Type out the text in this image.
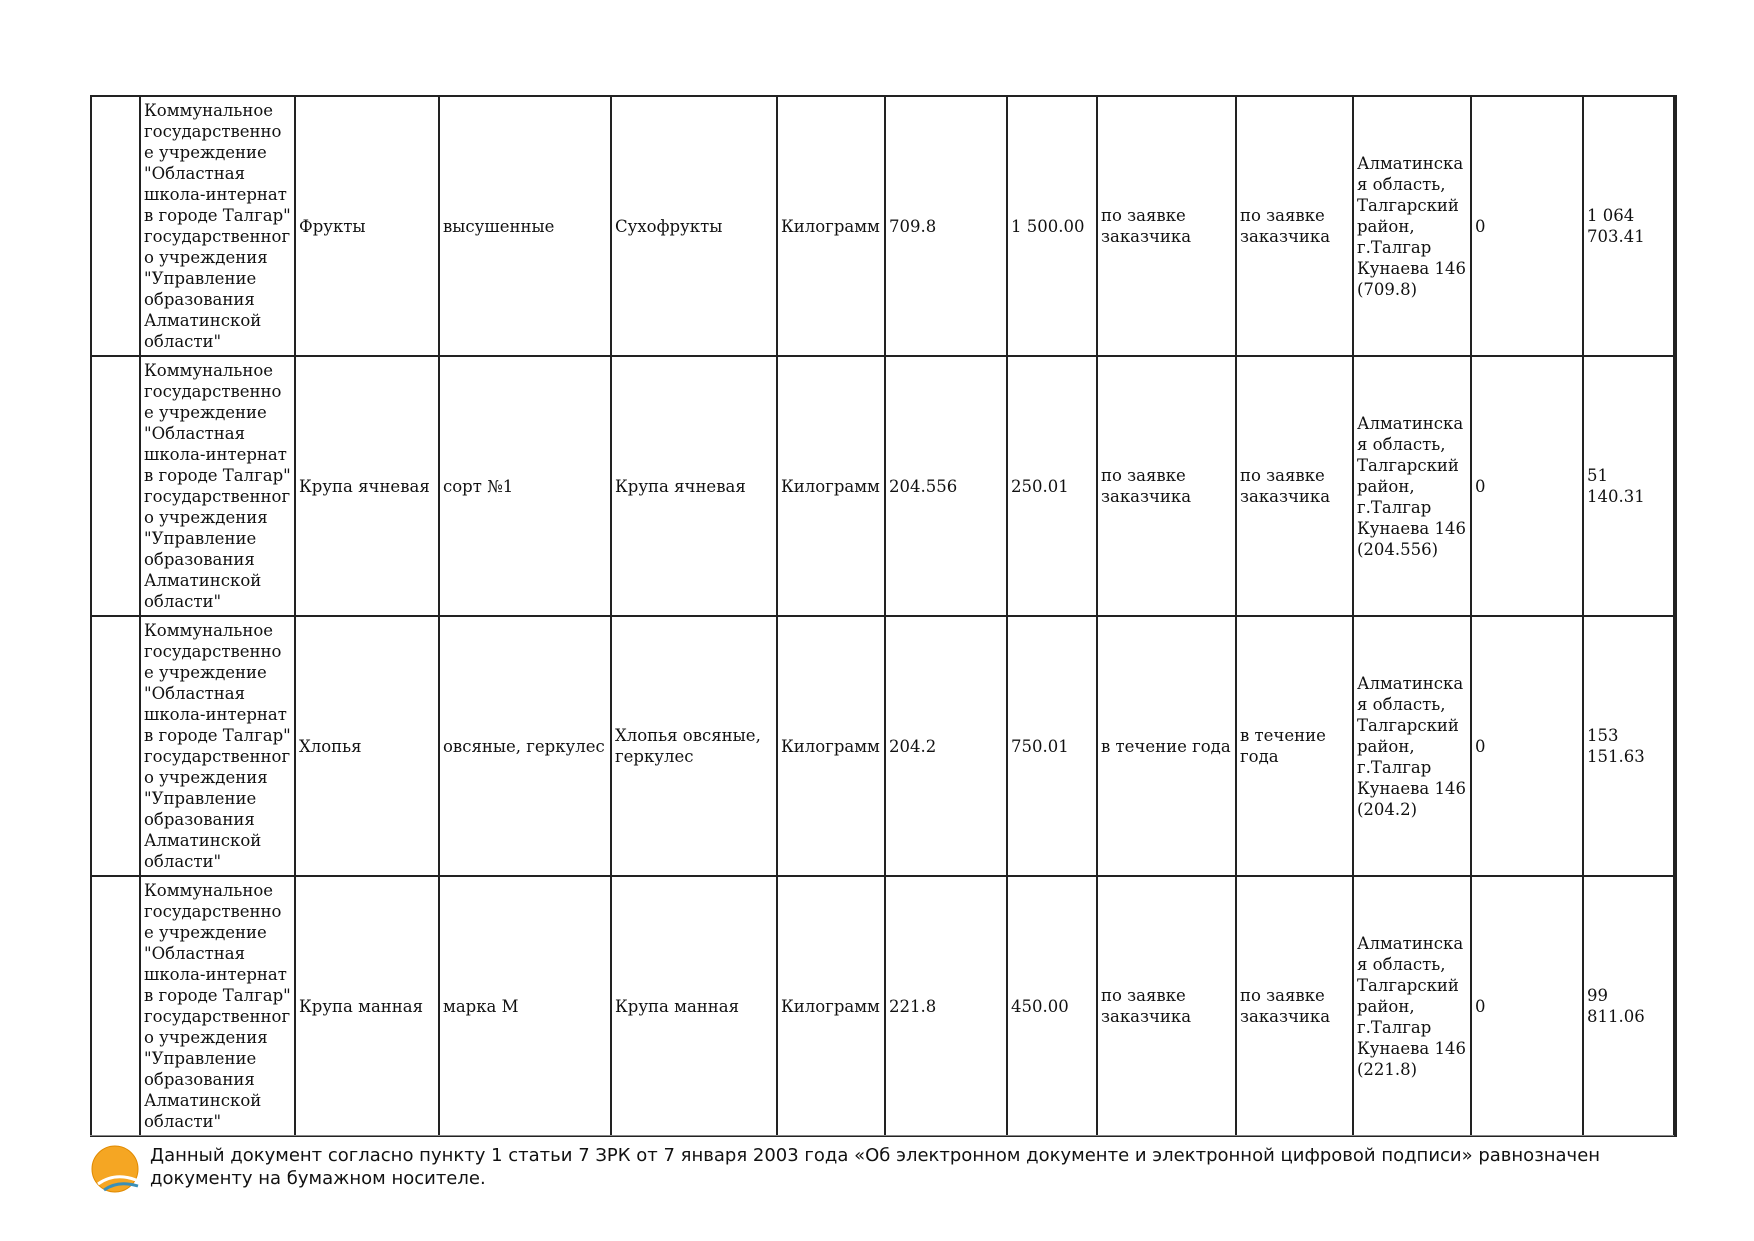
	Коммунальное государственное учреждение "Областная школа-интернат в городе Талгар" государственного учреждения "Управление образования Алматинской области"	Фрукты	высушенные	Сухофрукты	Килограмм	709.8	1 500.00	по заявке заказчика	по заявке заказчика	Алматинская область, Талгарский район, г.Талгар Кунаева 146 (709.8)	0	1 064 703.41
	Коммунальное государственное учреждение "Областная школа-интернат в городе Талгар" государственного учреждения "Управление образования Алматинской области"	Крупа ячневая	сорт №1	Крупа ячневая	Килограмм	204.556	250.01	по заявке заказчика	по заявке заказчика	Алматинская область, Талгарский район, г.Талгар Кунаева 146 (204.556)	0	51 140.31
	Коммунальное государственное учреждение "Областная школа-интернат в городе Талгар" государственного учреждения "Управление образования Алматинской области"	Хлопья	овсяные, геркулес	Хлопья овсяные, геркулес	Килограмм	204.2	750.01	в течение года	в течение года	Алматинская область, Талгарский район, г.Талгар Кунаева 146 (204.2)	0	153 151.63
	Коммунальное государственное учреждение "Областная школа-интернат в городе Талгар" государственного учреждения "Управление образования Алматинской области"	Крупа манная	марка М	Крупа манная	Килограмм	221.8	450.00	по заявке заказчика	по заявке заказчика	Алматинская область, Талгарский район, г.Талгар Кунаева 146 (221.8)	0	99 811.06
Данный документ согласно пункту 1 статьи 7 ЗРК от 7 января 2003 года «Об электронном документе и электронной цифровой подписи» равнозначен документу на бумажном носителе.
